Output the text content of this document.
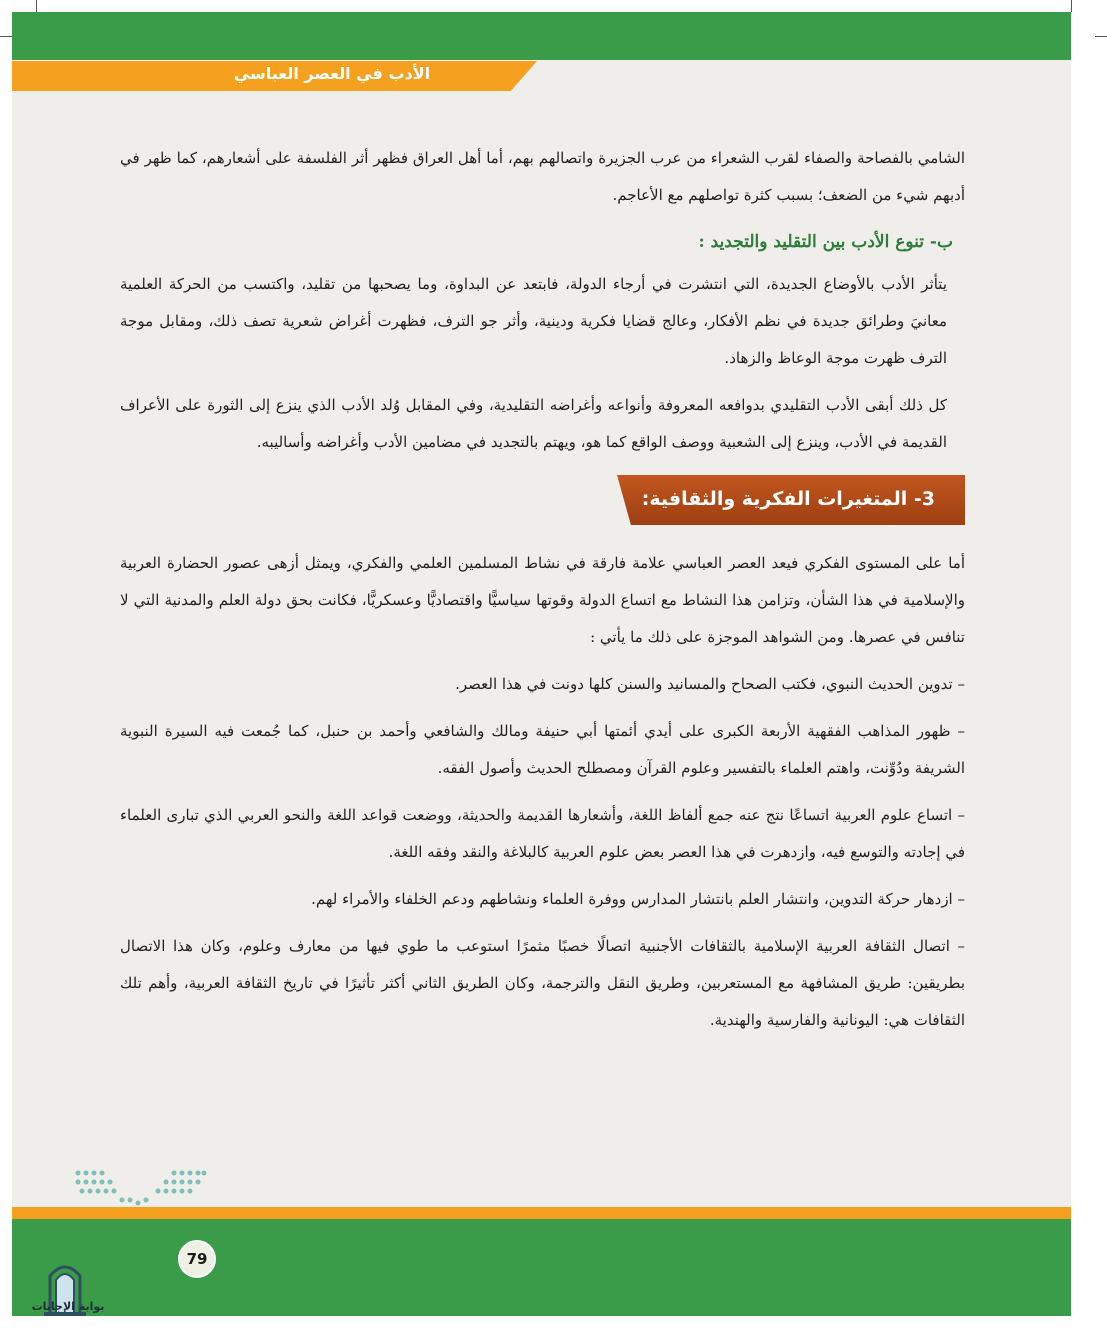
الأدب في العصر العباسي

الشامي بالفصاحة والصفاء لقرب الشعراء من عرب الجزيرة واتصالهم بهم، أما أهل العراق فظهر أثر الفلسفة على أشعارهم، كما ظهر في أدبهم شيء من الضعف؛ بسبب كثرة تواصلهم مع الأعاجم.

ب- تنوع الأدب بين التقليد والتجديد :

يتأثر الأدب بالأوضاع الجديدة، التي انتشرت في أرجاء الدولة، فابتعد عن البداوة، وما يصحبها من تقليد، واكتسب من الحركة العلمية معانيَ وطرائق جديدة في نظم الأفكار، وعالج قضايا فكرية ودينية، وأثر جو الترف، فظهرت أغراض شعرية تصف ذلك، ومقابل موجة الترف ظهرت موجة الوعاظ والزهاد.

كل ذلك أبقى الأدب التقليدي بدوافعه المعروفة وأنواعه وأغراضه التقليدية، وفي المقابل وُلد الأدب الذي ينزع إلى الثورة على الأعراف القديمة في الأدب، وينزع إلى الشعبية ووصف الواقع كما هو، ويهتم بالتجديد في مضامين الأدب وأغراضه وأساليبه.

3- المتغيرات الفكرية والثقافية:

أما على المستوى الفكري فيعد العصر العباسي علامة فارقة في نشاط المسلمين العلمي والفكري، ويمثل أزهى عصور الحضارة العربية والإسلامية في هذا الشأن، وتزامن هذا النشاط مع اتساع الدولة وقوتها سياسيًّا واقتصاديًّا وعسكريًّا، فكانت بحق دولة العلم والمدنية التي لا تنافس في عصرها. ومن الشواهد الموجزة على ذلك ما يأتي :

– تدوين الحديث النبوي، فكتب الصحاح والمسانيد والسنن كلها دونت في هذا العصر.

– ظهور المذاهب الفقهية الأربعة الكبرى على أيدي أئمتها أبي حنيفة ومالك والشافعي وأحمد بن حنبل، كما جُمعت فيه السيرة النبوية الشريفة ودُوِّنت، واهتم العلماء بالتفسير وعلوم القرآن ومصطلح الحديث وأصول الفقه.

– اتساع علوم العربية اتساعًا نتج عنه جمع ألفاظ اللغة، وأشعارها القديمة والحديثة، ووضعت قواعد اللغة والنحو العربي الذي تبارى العلماء في إجادته والتوسع فيه، وازدهرت في هذا العصر بعض علوم العربية كالبلاغة والنقد وفقه اللغة.

– ازدهار حركة التدوين، وانتشار العلم بانتشار المدارس ووفرة العلماء ونشاطهم ودعم الخلفاء والأمراء لهم.

– اتصال الثقافة العربية الإسلامية بالثقافات الأجنبية اتصالًا خصبًا مثمرًا استوعب ما طوي فيها من معارف وعلوم، وكان هذا الاتصال بطريقين: طريق المشافهة مع المستعربين، وطريق النقل والترجمة، وكان الطريق الثاني أكثر تأثيرًا في تاريخ الثقافة العربية، وأهم تلك الثقافات هي: اليونانية والفارسية والهندية.

79
بوابة الإجابات
